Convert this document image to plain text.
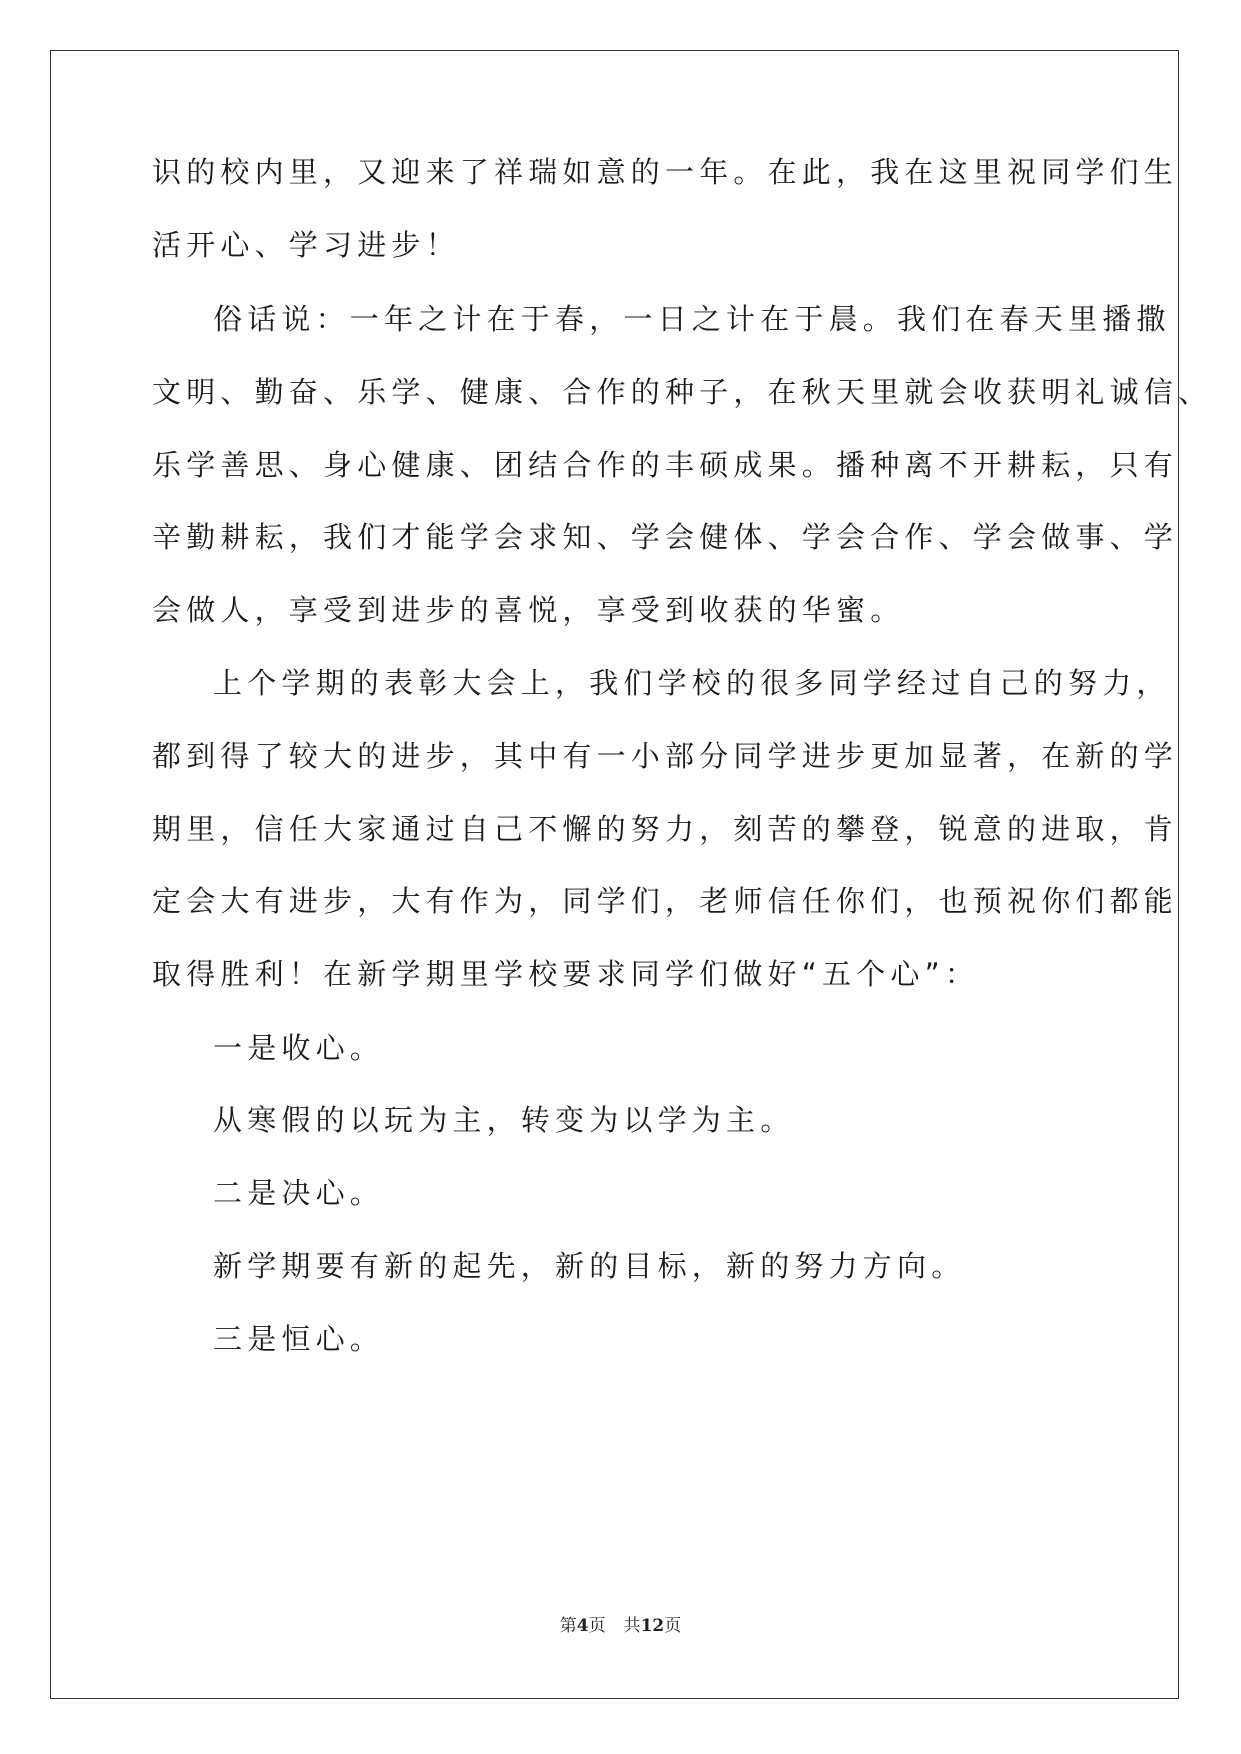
识的校内里，又迎来了祥瑞如意的一年。在此，我在这里祝同学们生
活开心、学习进步！
俗话说：一年之计在于春，一日之计在于晨。我们在春天里播撒
文明、勤奋、乐学、健康、合作的种子，在秋天里就会收获明礼诚信、
乐学善思、身心健康、团结合作的丰硕成果。播种离不开耕耘，只有
辛勤耕耘，我们才能学会求知、学会健体、学会合作、学会做事、学
会做人，享受到进步的喜悦，享受到收获的华蜜。
上个学期的表彰大会上，我们学校的很多同学经过自己的努力，
都到得了较大的进步，其中有一小部分同学进步更加显著，在新的学
期里，信任大家通过自己不懈的努力，刻苦的攀登，锐意的进取，肯
定会大有进步，大有作为，同学们，老师信任你们，也预祝你们都能
取得胜利！在新学期里学校要求同学们做好“五个心”：
一是收心。
从寒假的以玩为主，转变为以学为主。
二是决心。
新学期要有新的起先，新的目标，新的努力方向。
三是恒心。
第4页 共12页
